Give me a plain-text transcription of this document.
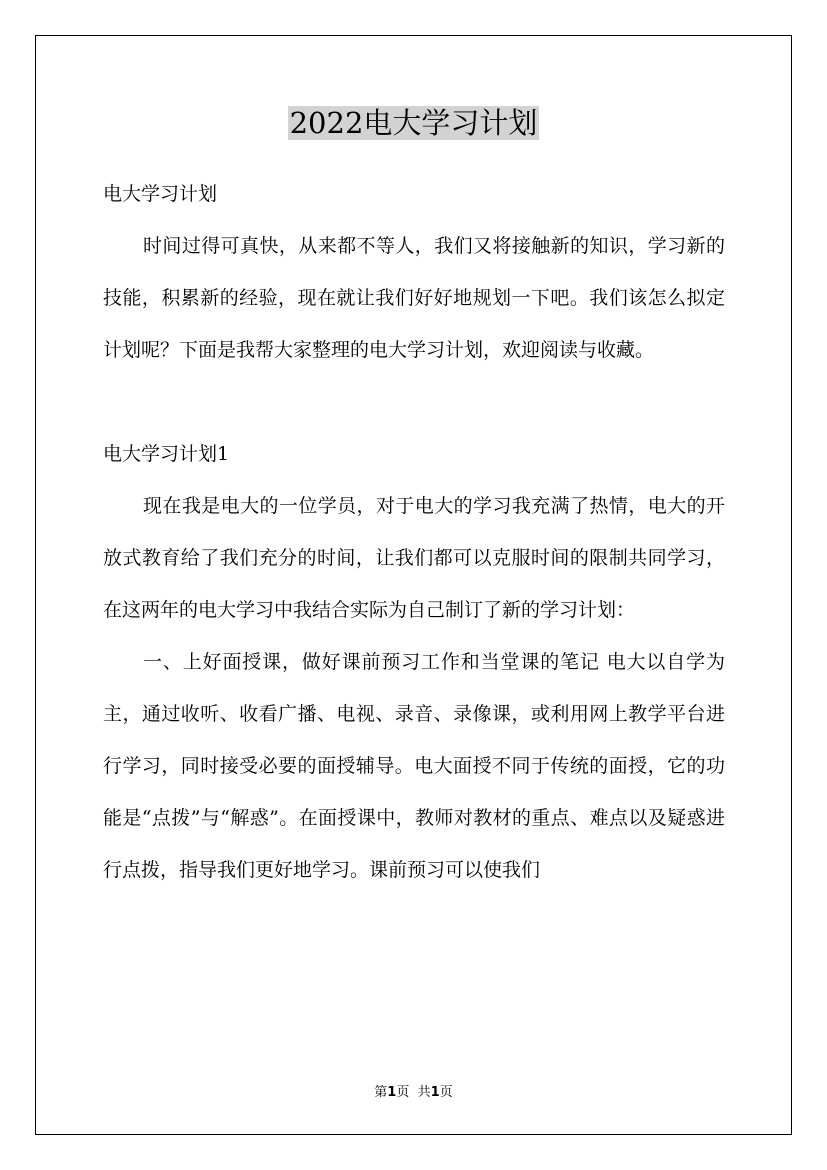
2022电大学习计划

电大学习计划

时间过得可真快，从来都不等人，我们又将接触新的知识，学习新的技能，积累新的经验，现在就让我们好好地规划一下吧。我们该怎么拟定计划呢？下面是我帮大家整理的电大学习计划，欢迎阅读与收藏。

电大学习计划1

现在我是电大的一位学员，对于电大的学习我充满了热情，电大的开放式教育给了我们充分的时间，让我们都可以克服时间的限制共同学习，在这两年的电大学习中我结合实际为自己制订了新的学习计划：

一、上好面授课，做好课前预习工作和当堂课的笔记 电大以自学为主，通过收听、收看广播、电视、录音、录像课，或利用网上教学平台进行学习，同时接受必要的面授辅导。电大面授不同于传统的面授，它的功能是“点拨”与“解惑”。在面授课中，教师对教材的重点、难点以及疑惑进行点拨，指导我们更好地学习。课前预习可以使我们

第1页 共1页
